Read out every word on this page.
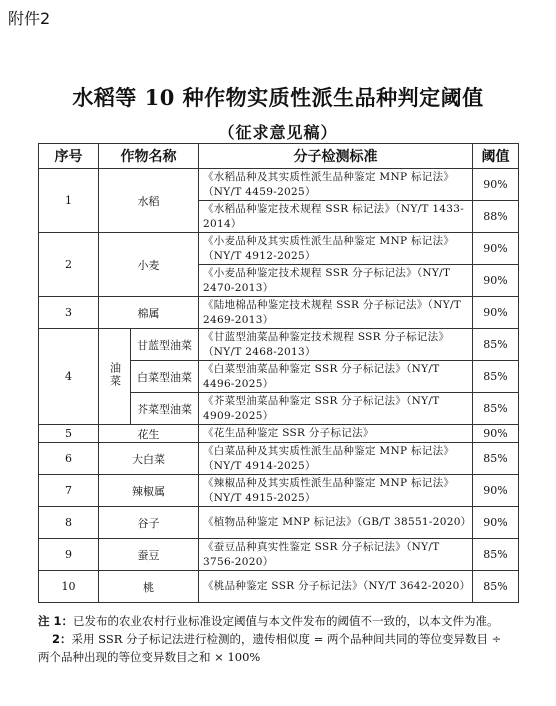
附件2
水稻等 10 种作物实质性派生品种判定阈值
（征求意见稿）
序号	作物名称		分子检测标准	阈值
1	水稻		《水稻品种及其实质性派生品种鉴定 MNP 标记法》（NY/T 4459-2025）	90%
			《水稻品种鉴定技术规程 SSR 标记法》（NY/T 1433-2014）	88%
2	小麦		《小麦品种及其实质性派生品种鉴定 MNP 标记法》（NY/T 4912-2025）	90%
			《小麦品种鉴定技术规程 SSR 分子标记法》（NY/T 2470-2013）	90%
3	棉属		《陆地棉品种鉴定技术规程 SSR 分子标记法》（NY/T 2469-2013）	90%
4	油菜	甘蓝型油菜	《甘蓝型油菜品种鉴定技术规程 SSR 分子标记法》（NY/T 2468-2013）	85%
		白菜型油菜	《白菜型油菜品种鉴定 SSR 分子标记法》（NY/T 4496-2025）	85%
		芥菜型油菜	《芥菜型油菜品种鉴定 SSR 分子标记法》（NY/T 4909-2025）	85%
5	花生		《花生品种鉴定 SSR 分子标记法》	90%
6	大白菜		《白菜品种及其实质性派生品种鉴定 MNP 标记法》（NY/T 4914-2025）	85%
7	辣椒属		《辣椒品种及其实质性派生品种鉴定 MNP 标记法》（NY/T 4915-2025）	90%
8	谷子		《植物品种鉴定 MNP 标记法》（GB/T 38551-2020）	90%
9	蚕豆		《蚕豆品种真实性鉴定 SSR 分子标记法》（NY/T 3756-2020）	85%
10	桃		《桃品种鉴定 SSR 分子标记法》（NY/T 3642-2020）	85%

注 1：已发布的农业农村行业标准设定阈值与本文件发布的阈值不一致的，以本文件为准。

2：采用 SSR 分子标记法进行检测的，遗传相似度 = 两个品种间共同的等位变异数目 ÷ 两个品种出现的等位变异数目之和 × 100%
